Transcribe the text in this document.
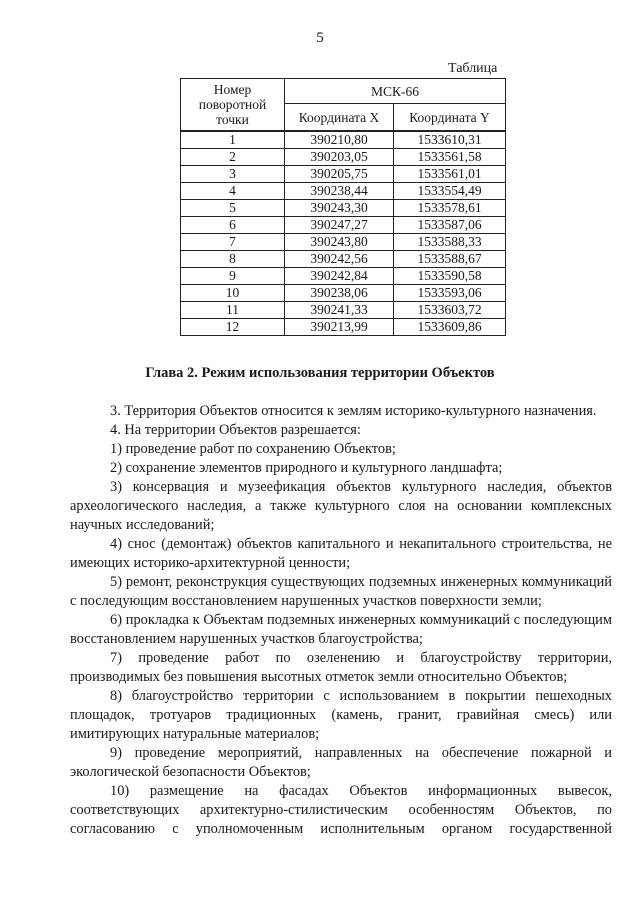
5
Таблица
Номер поворотной точки	МСК-66	
	Координата X	Координата Y
1	390210,80	1533610,31
2	390203,05	1533561,58
3	390205,75	1533561,01
4	390238,44	1533554,49
5	390243,30	1533578,61
6	390247,27	1533587,06
7	390243,80	1533588,33
8	390242,56	1533588,67
9	390242,84	1533590,58
10	390238,06	1533593,06
11	390241,33	1533603,72
12	390213,99	1533609,86
Глава 2. Режим использования территории Объектов

3. Территория Объектов относится к землям историко-культурного назначения.

4. На территории Объектов разрешается:

1) проведение работ по сохранению Объектов;

2) сохранение элементов природного и культурного ландшафта;

3) консервация и музеефикация объектов культурного наследия, объектов археологического наследия, а также культурного слоя на основании комплексных научных исследований;

4) снос (демонтаж) объектов капитального и некапитального строительства, не имеющих историко-архитектурной ценности;

5) ремонт, реконструкция существующих подземных инженерных коммуникаций с последующим восстановлением нарушенных участков поверхности земли;

6) прокладка к Объектам подземных инженерных коммуникаций с последующим восстановлением нарушенных участков благоустройства;

7) проведение работ по озеленению и благоустройству территории, производимых без повышения высотных отметок земли относительно Объектов;

8) благоустройство территории с использованием в покрытии пешеходных площадок, тротуаров традиционных (камень, гранит, гравийная смесь) или имитирующих натуральные материалов;

9) проведение мероприятий, направленных на обеспечение пожарной и экологической безопасности Объектов;

10) размещение на фасадах Объектов информационных вывесок, соответствующих архитектурно-стилистическим особенностям Объектов, по согласованию с уполномоченным исполнительным органом государственной
